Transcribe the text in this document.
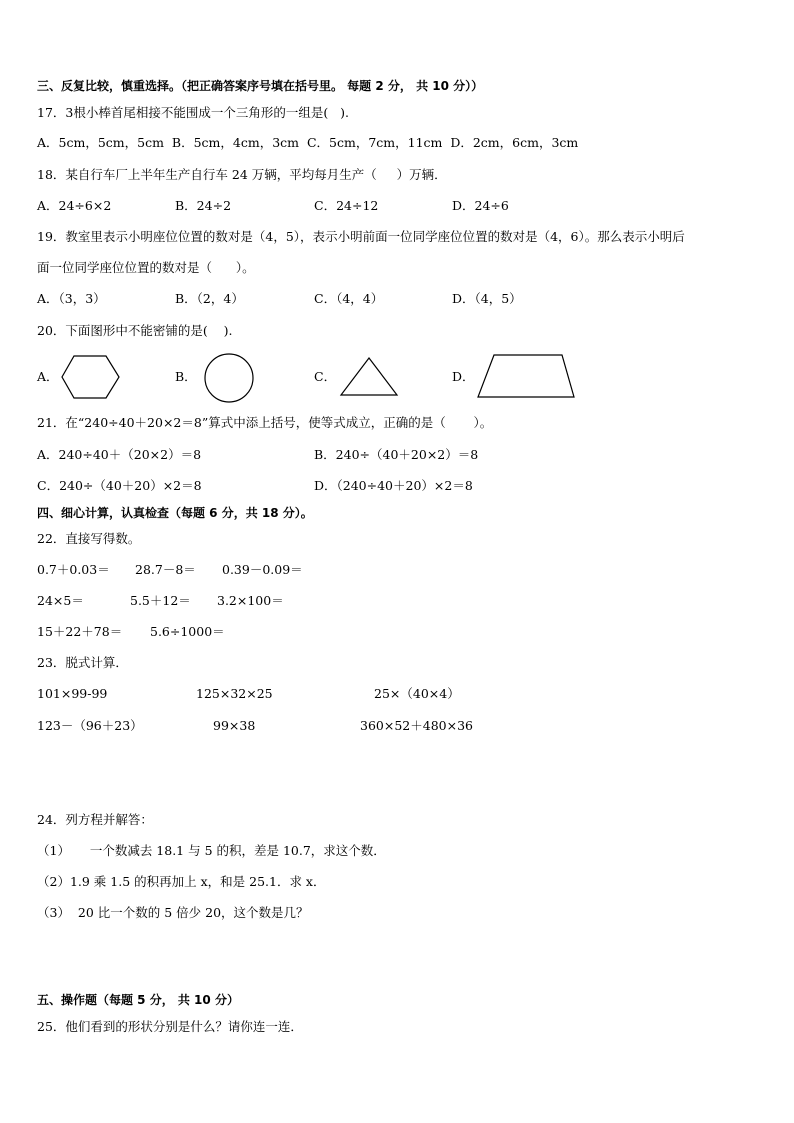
三、反复比较，慎重选择。（把正确答案序号填在括号里。 每题 2 分， 共 10 分））
17．3根小棒首尾相接不能围成一个三角形的一组是(   ).
A．5cm，5cm，5cm  B．5cm，4cm，3cm  C．5cm，7cm，11cm  D．2cm，6cm，3cm
18．某自行车厂上半年生产自行车 24 万辆，平均每月生产（     ）万辆．
A．24÷6×2	B．24÷2	C．24÷12	D．24÷6
19．教室里表示小明座位位置的数对是（4，5），表示小明前面一位同学座位位置的数对是（4，6）。那么表示小明后
面一位同学座位位置的数对是（      ）。
A．（3，3）	B．（2，4）	C．（4，4）	D．（4，5）
20．下面图形中不能密铺的是(    ).
A．	B．	C．	D．
21．在“240÷40＋20×2＝8”算式中添上括号，使等式成立，正确的是（       ）。
A．240÷40＋（20×2）＝8	B．240÷（40＋20×2）＝8
C．240÷（40＋20）×2＝8	D．（240÷40＋20）×2＝8
四、细心计算，认真检查（每题 6 分，共 18 分）。
22．直接写得数。
0.7＋0.03＝ 28.7－8＝ 0.39－0.09＝
24×5＝	5.5＋12＝ 3.2×100＝
15＋22＋78＝ 5.6÷1000＝
23．脱式计算．
101×99-99	125×32×25	25×（40×4）
123－（96＋23）	99×38	360×52＋480×36
24．列方程并解答：
（1）     一个数减去 18.1 与 5 的积，差是 10.7，求这个数．
（2）1.9 乘 1.5 的积再加上 x，和是 25.1．求 x．
（3）  20 比一个数的 5 倍少 20，这个数是几？
五、操作题（每题 5 分， 共 10 分）
25．他们看到的形状分别是什么？请你连一连．
